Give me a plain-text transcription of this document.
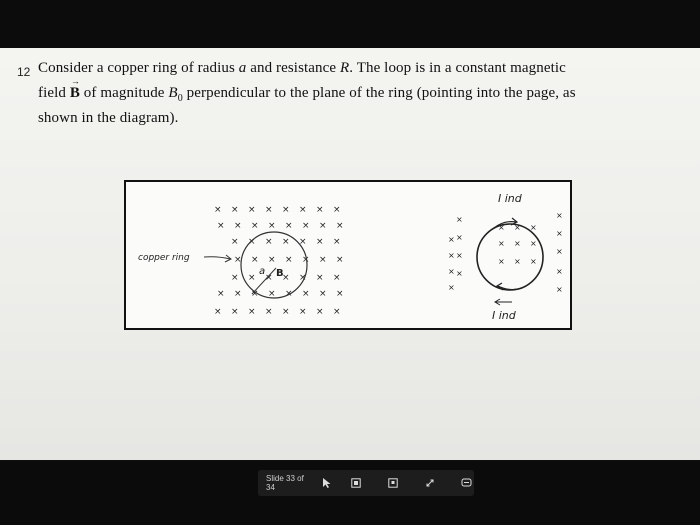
12 Consider a copper ring of radius a and resistance R. The loop is in a constant magnetic
field
→
B of magnitude $B_0$ perpendicular to the plane of the ring (pointing into the page, as
shown in the diagram).
× × × × × × × ×
× × × × × × × ×
× × × × × × ×
× × × × × × ×
× × × × × × ×
× × × × × × × ×
× × × × × × × ×
×
×
×
×
×
×
×
×
× × ×
× × ×
× × ×
×
×
×
×
×
a B
copper ring
I ind
I ind
Slide 33 of 34
